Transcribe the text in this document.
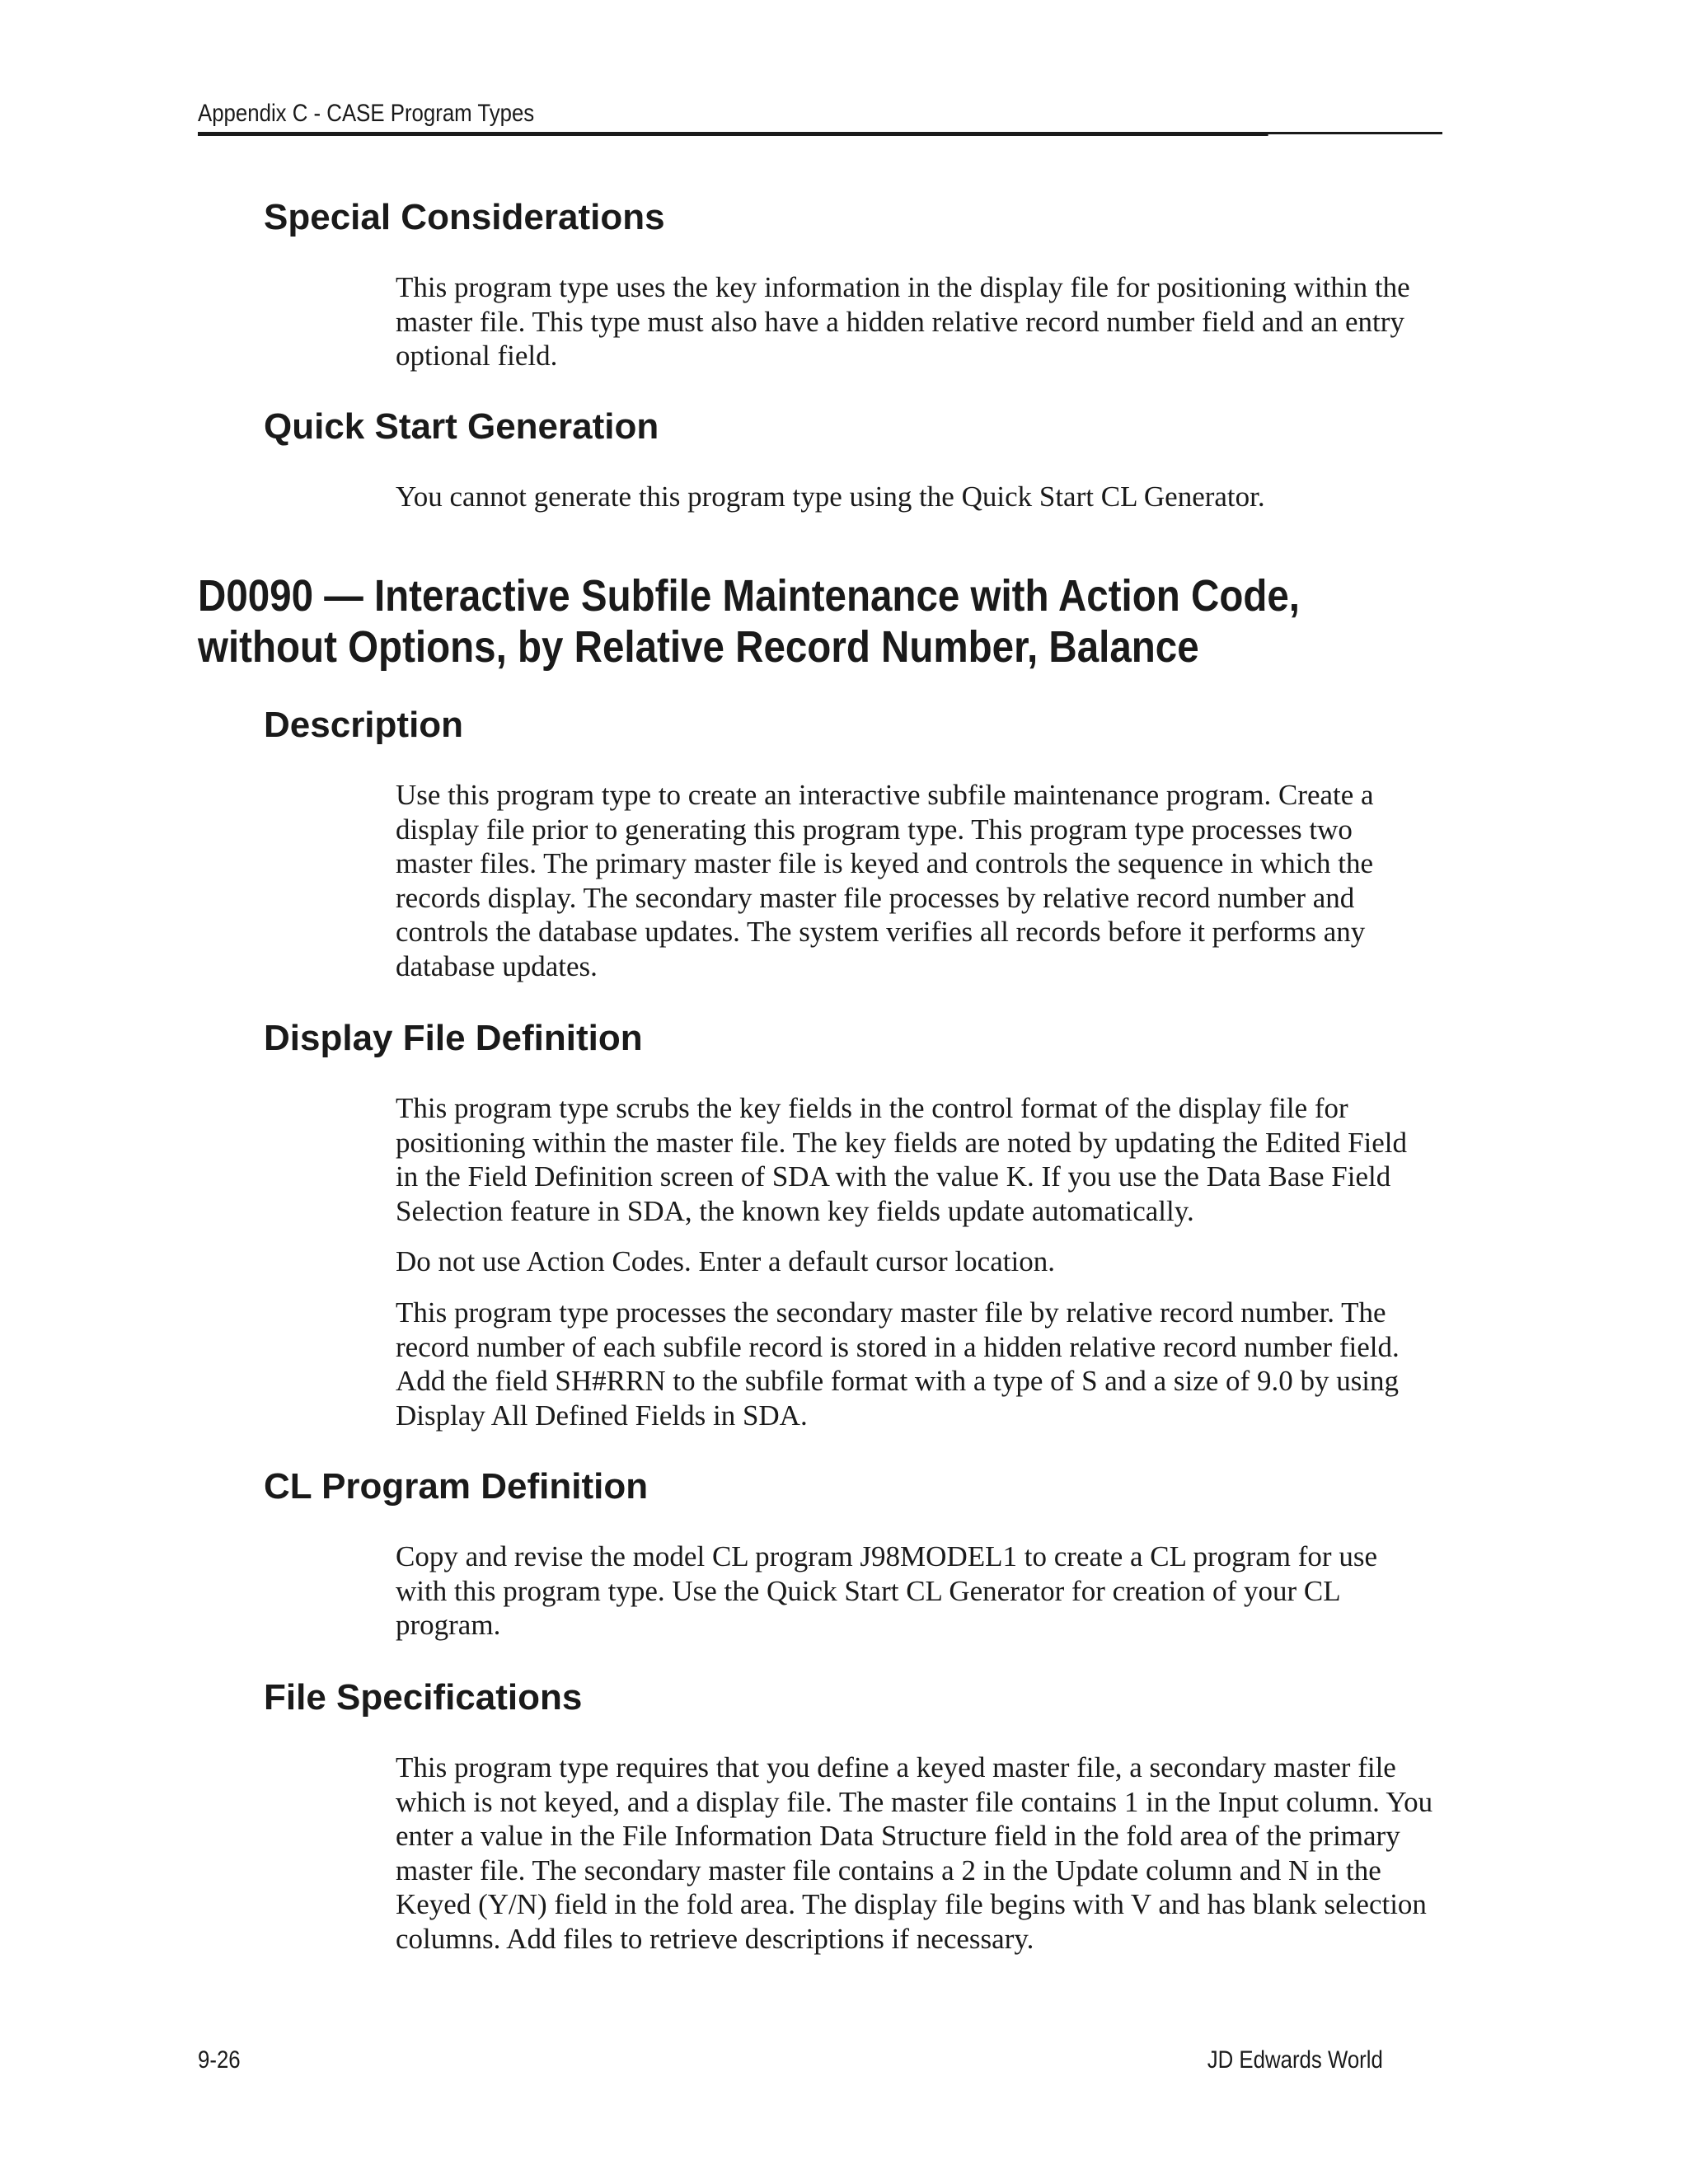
Appendix C - CASE Program Types
Special Considerations

This program type uses the key information in the display file for positioning within the master file. This type must also have a hidden relative record number field and an entry optional field.

Quick Start Generation

You cannot generate this program type using the Quick Start CL Generator.

D0090 — Interactive Subfile Maintenance with Action Code, without Options, by Relative Record Number, Balance
Description

Use this program type to create an interactive subfile maintenance program. Create a display file prior to generating this program type. This program type processes two master files. The primary master file is keyed and controls the sequence in which the records display. The secondary master file processes by relative record number and controls the database updates. The system verifies all records before it performs any database updates.

Display File Definition

This program type scrubs the key fields in the control format of the display file for positioning within the master file. The key fields are noted by updating the Edited Field in the Field Definition screen of SDA with the value K. If you use the Data Base Field Selection feature in SDA, the known key fields update automatically.

Do not use Action Codes. Enter a default cursor location.

This program type processes the secondary master file by relative record number. The record number of each subfile record is stored in a hidden relative record number field. Add the field SH#RRN to the subfile format with a type of S and a size of 9.0 by using Display All Defined Fields in SDA.

CL Program Definition

Copy and revise the model CL program J98MODEL1 to create a CL program for use with this program type. Use the Quick Start CL Generator for creation of your CL program.

File Specifications

This program type requires that you define a keyed master file, a secondary master file which is not keyed, and a display file. The master file contains 1 in the Input column. You enter a value in the File Information Data Structure field in the fold area of the primary master file. The secondary master file contains a 2 in the Update column and N in the Keyed (Y/N) field in the fold area. The display file begins with V and has blank selection columns. Add files to retrieve descriptions if necessary.

9-26	JD Edwards World
